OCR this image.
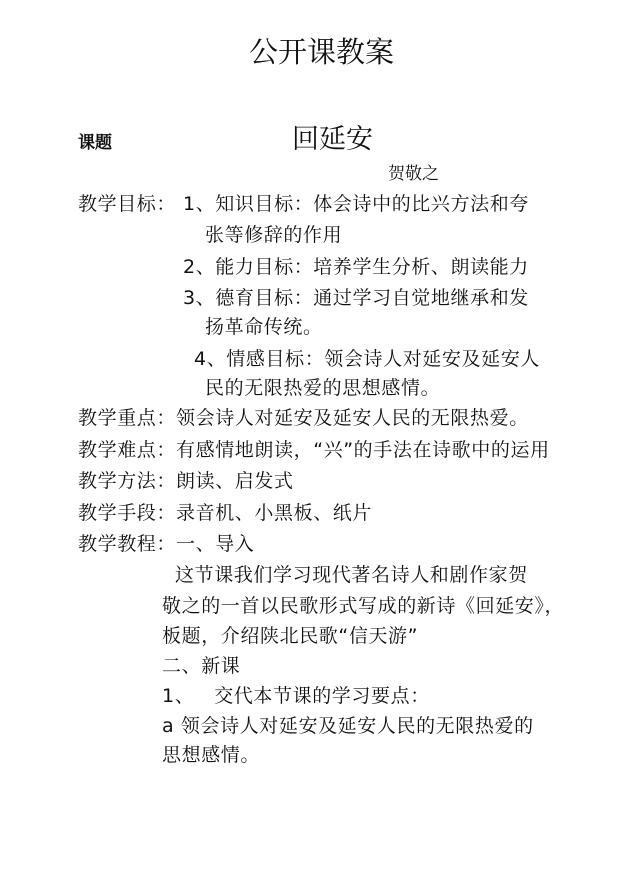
公开课教案
课题	回延安
贺敬之
教学目标： 1、知识目标：体会诗中的比兴方法和夸
张等修辞的作用
2、能力目标：培养学生分析、朗读能力
3、德育目标：通过学习自觉地继承和发
扬革命传统。
4、情感目标：领会诗人对延安及延安人
民的无限热爱的思想感情。
教学重点：领会诗人对延安及延安人民的无限热爱。
教学难点：有感情地朗读，“兴”的手法在诗歌中的运用
教学方法：朗读、启发式
教学手段：录音机、小黑板、纸片
教学教程：一、导入
这节课我们学习现代著名诗人和剧作家贺
敬之的一首以民歌形式写成的新诗《回延安》，
板题，介绍陕北民歌“信天游”
二、新课
1、   交代本节课的学习要点：
a 领会诗人对延安及延安人民的无限热爱的
思想感情。
